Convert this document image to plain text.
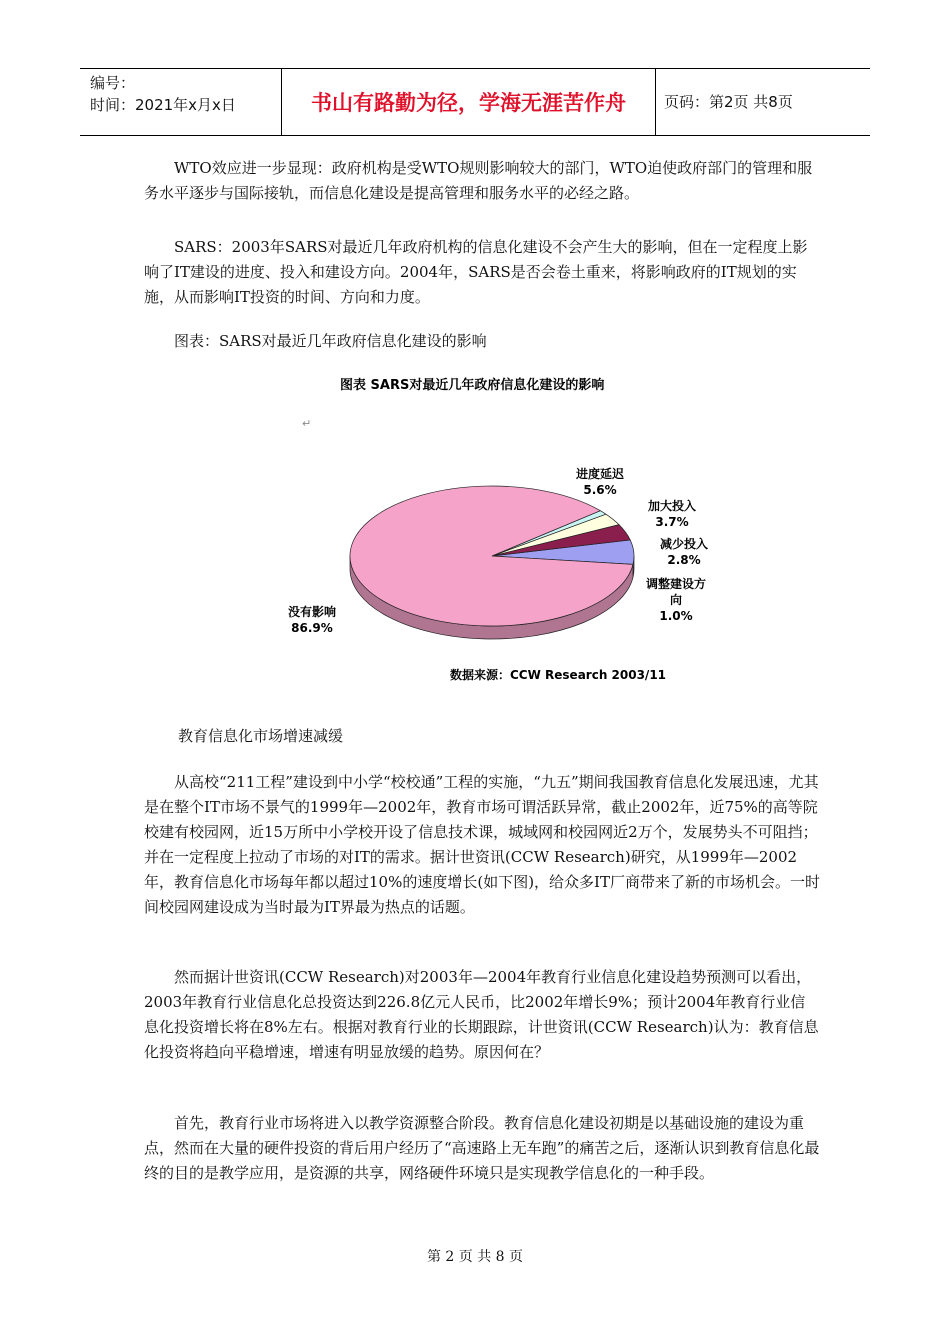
编号：
时间：2021年x月x日	书山有路勤为径，学海无涯苦作舟	页码：第2页 共8页

WTO效应进一步显现：政府机构是受WTO规则影响较大的部门，WTO迫使政府部门的管理和服务水平逐步与国际接轨，而信息化建设是提高管理和服务水平的必经之路。

SARS：2003年SARS对最近几年政府机构的信息化建设不会产生大的影响，但在一定程度上影响了IT建设的进度、投入和建设方向。2004年，SARS是否会卷土重来，将影响政府的IT规划的实施，从而影响IT投资的时间、方向和力度。

图表：SARS对最近几年政府信息化建设的影响

图表 SARS对最近几年政府信息化建设的影响
↵
进度延迟 5.6%
加大投入 3.7%
减少投入 2.8%
调整建设方向 1.0%
没有影响 86.9%
数据来源：CCW Research 2003/11

教育信息化市场增速减缓

从高校“211工程”建设到中小学“校校通”工程的实施，“九五”期间我国教育信息化发展迅速，尤其是在整个IT市场不景气的1999年—2002年，教育市场可谓活跃异常，截止2002年，近75%的高等院校建有校园网，近15万所中小学校开设了信息技术课，城域网和校园网近2万个，发展势头不可阻挡；并在一定程度上拉动了市场的对IT的需求。据计世资讯(CCW Research)研究，从1999年—2002年，教育信息化市场每年都以超过10%的速度增长(如下图)，给众多IT厂商带来了新的市场机会。一时间校园网建设成为当时最为IT界最为热点的话题。

然而据计世资讯(CCW Research)对2003年—2004年教育行业信息化建设趋势预测可以看出，2003年教育行业信息化总投资达到226.8亿元人民币，比2002年增长9%；预计2004年教育行业信息化投资增长将在8%左右。根据对教育行业的长期跟踪，计世资讯(CCW Research)认为：教育信息化投资将趋向平稳增速，增速有明显放缓的趋势。原因何在？

首先，教育行业市场将进入以教学资源整合阶段。教育信息化建设初期是以基础设施的建设为重点，然而在大量的硬件投资的背后用户经历了“高速路上无车跑”的痛苦之后，逐渐认识到教育信息化最终的目的是教学应用，是资源的共享，网络硬件环境只是实现教学信息化的一种手段。

第 2 页 共 8 页
